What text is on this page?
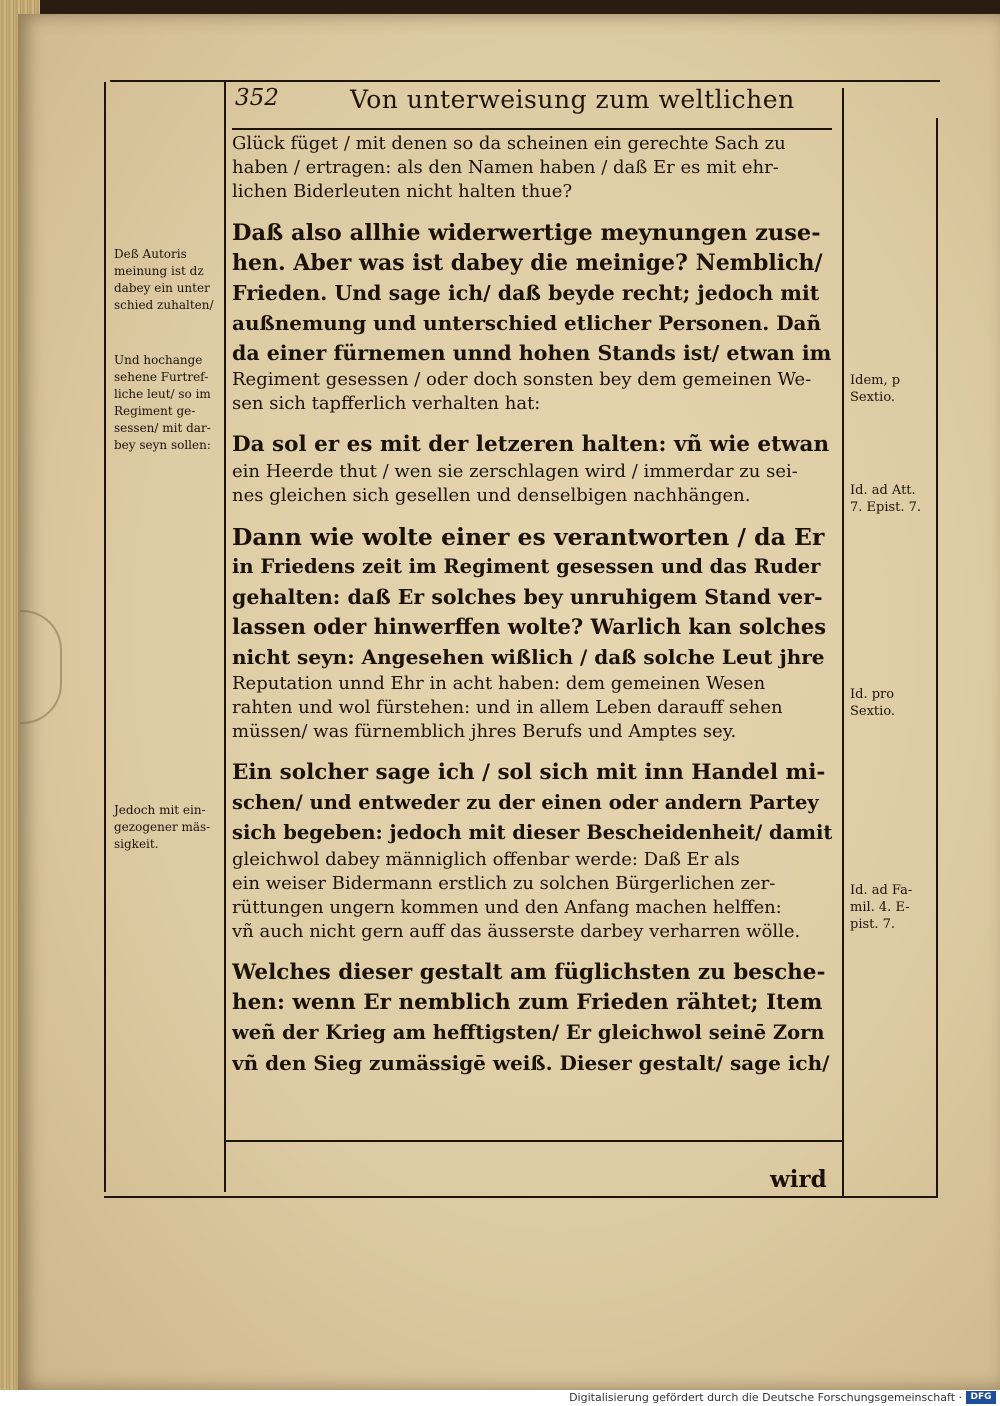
352	Von unterweisung zum weltlichen
Glück füget / mit denen so da scheinen ein gerechte Sach zu
haben / ertragen: als den Namen haben / daß Er es mit ehr-
lichen Biderleuten nicht halten thue?
Daß also allhie widerwertige meynungen zuse-
hen. Aber was ist dabey die meinige? Nemblich/
Frieden. Und sage ich/ daß beyde recht; jedoch mit
außnemung und unterschied etlicher Personen. Dañ
da einer fürnemen unnd hohen Stands ist/ etwan im
Regiment gesessen / oder doch sonsten bey dem gemeinen We-
sen sich tapfferlich verhalten hat:
Da sol er es mit der letzeren halten: vñ wie etwan
ein Heerde thut / wen sie zerschlagen wird / immerdar zu sei-
nes gleichen sich gesellen und denselbigen nachhängen.
Dann wie wolte einer es verantworten / da Er
in Friedens zeit im Regiment gesessen und das Ruder
gehalten: daß Er solches bey unruhigem Stand ver-
lassen oder hinwerffen wolte? Warlich kan solches
nicht seyn: Angesehen wißlich / daß solche Leut jhre
Reputation unnd Ehr in acht haben: dem gemeinen Wesen
rahten und wol fürstehen: und in allem Leben darauff sehen
müssen/ was fürnemblich jhres Berufs und Amptes sey.
Ein solcher sage ich / sol sich mit inn Handel mi-
schen/ und entweder zu der einen oder andern Partey
sich begeben: jedoch mit dieser Bescheidenheit/ damit
gleichwol dabey männiglich offenbar werde: Daß Er als
ein weiser Bidermann erstlich zu solchen Bürgerlichen zer-
rüttungen ungern kommen und den Anfang machen helffen:
vñ auch nicht gern auff das äusserste darbey verharren wölle.
Welches dieser gestalt am füglichsten zu besche-
hen: wenn Er nemblich zum Frieden rähtet; Item
weñ der Krieg am hefftigsten/ Er gleichwol seinē Zorn
vñ den Sieg zumässigē weiß. Dieser gestalt/ sage ich/
Deß Autoris
meinung ist dz
dabey ein unter
schied zuhalten/
Und hochange
sehene Furtref-
liche leut/ so im
Regiment ge-
sessen/ mit dar-
bey seyn sollen:
Jedoch mit ein-
gezogener mäs-
sigkeit.
Idem, p
Sextio.
Id. ad Att.
7. Epist. 7.
Id. pro
Sextio.
Id. ad Fa-
mil. 4. E-
pist. 7.
wird
Digitalisierung gefördert durch die Deutsche Forschungsgemeinschaft · DFG
